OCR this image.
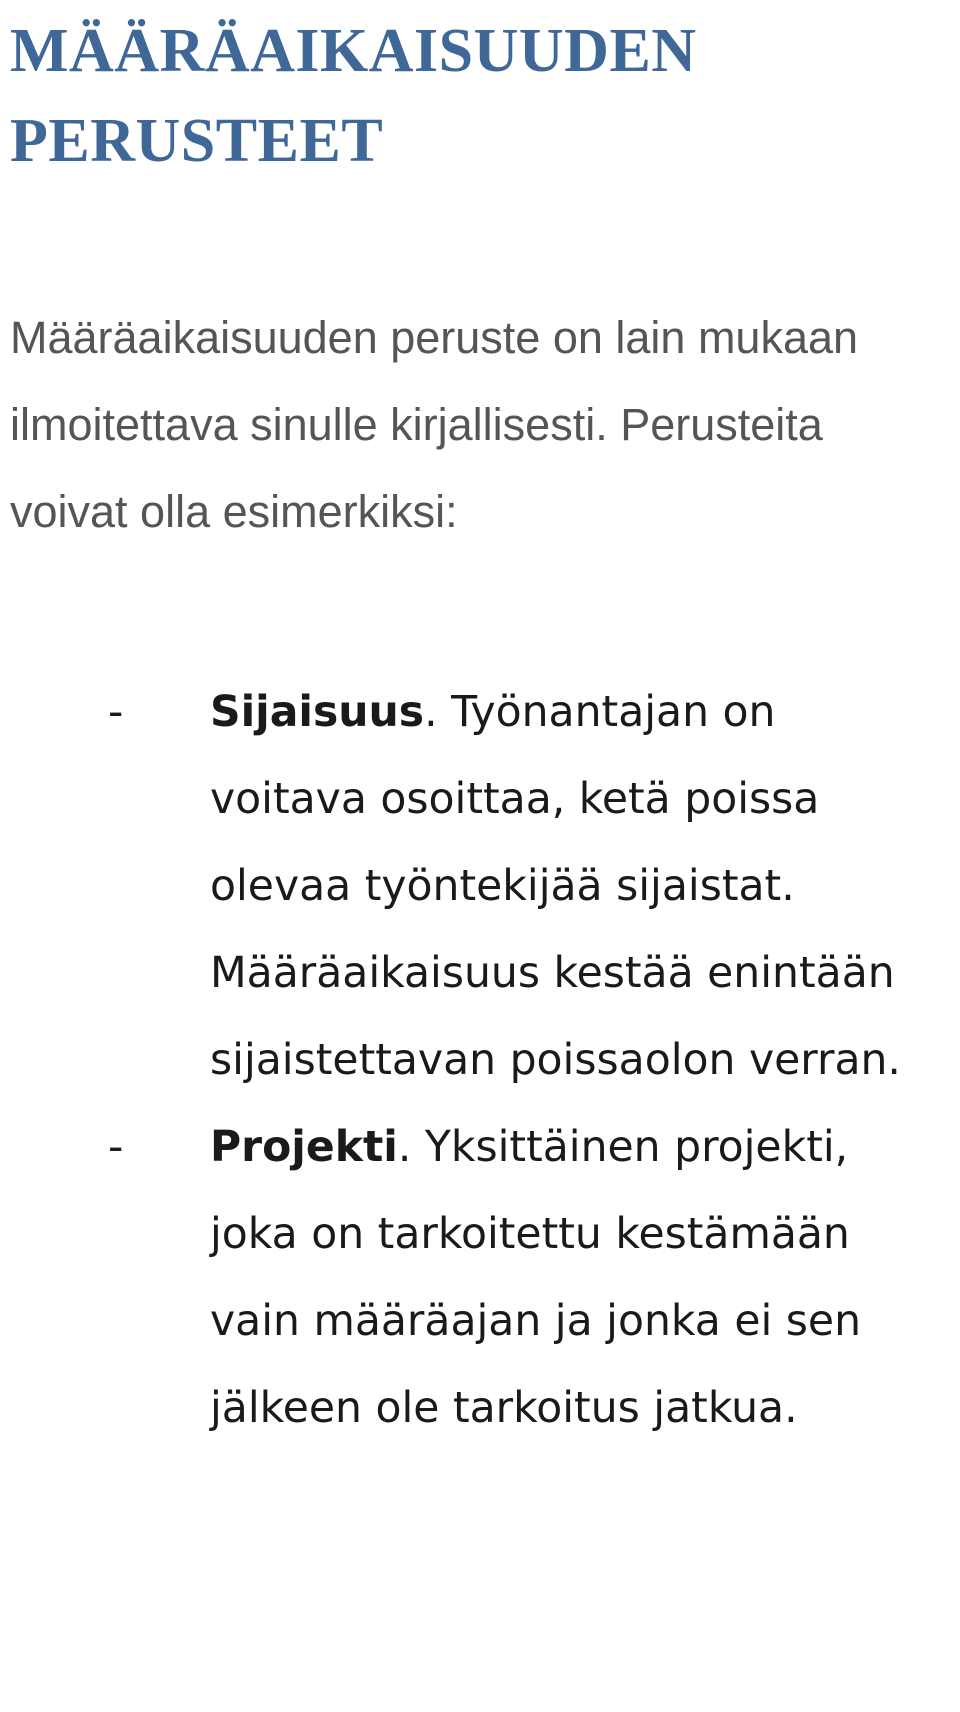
MÄÄRÄAIKAISUUDEN PERUSTEET

Määräaikaisuuden peruste on lain mukaan ilmoitettava sinulle kirjallisesti. Perusteita voivat olla esimerkiksi:

- Sijaisuus. Työnantajan on voitava osoittaa, ketä poissa olevaa työntekijää sijaistat. Määräaikaisuus kestää enintään sijaistettavan poissaolon verran.
- Projekti. Yksittäinen projekti, joka on tarkoitettu kestämään vain määräajan ja jonka ei sen jälkeen ole tarkoitus jatkua.
